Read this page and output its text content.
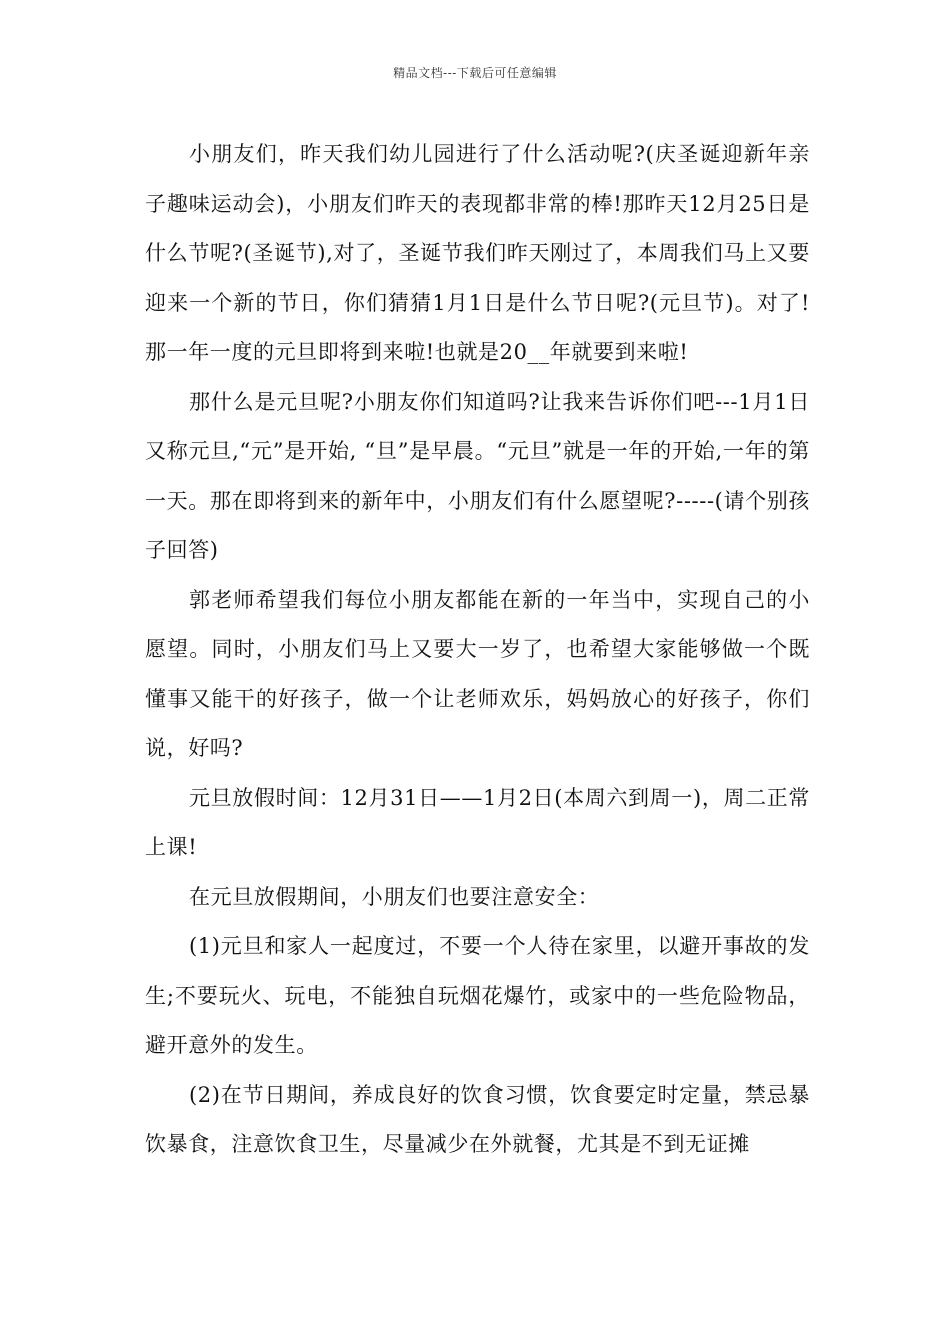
精品文档---下载后可任意编辑

小朋友们，昨天我们幼儿园进行了什么活动呢?(庆圣诞迎新年亲子趣味运动会)，小朋友们昨天的表现都非常的棒!那昨天12月25日是什么节呢?(圣诞节),对了，圣诞节我们昨天刚过了，本周我们马上又要迎来一个新的节日，你们猜猜1月1日是什么节日呢?(元旦节)。对了!那一年一度的元旦即将到来啦!也就是20__年就要到来啦!

那什么是元旦呢?小朋友你们知道吗?让我来告诉你们吧---1月1日又称元旦,“元”是开始, “旦”是早晨。“元旦”就是一年的开始,一年的第一天。那在即将到来的新年中，小朋友们有什么愿望呢?-----(请个别孩子回答)

郭老师希望我们每位小朋友都能在新的一年当中，实现自己的小愿望。同时，小朋友们马上又要大一岁了，也希望大家能够做一个既懂事又能干的好孩子，做一个让老师欢乐，妈妈放心的好孩子，你们说，好吗?

元旦放假时间：12月31日——1月2日(本周六到周一)，周二正常上课!

在元旦放假期间，小朋友们也要注意安全：

(1)元旦和家人一起度过，不要一个人待在家里，以避开事故的发生;不要玩火、玩电，不能独自玩烟花爆竹，或家中的一些危险物品，避开意外的发生。

(2)在节日期间，养成良好的饮食习惯，饮食要定时定量，禁忌暴饮暴食，注意饮食卫生，尽量减少在外就餐，尤其是不到无证摊
